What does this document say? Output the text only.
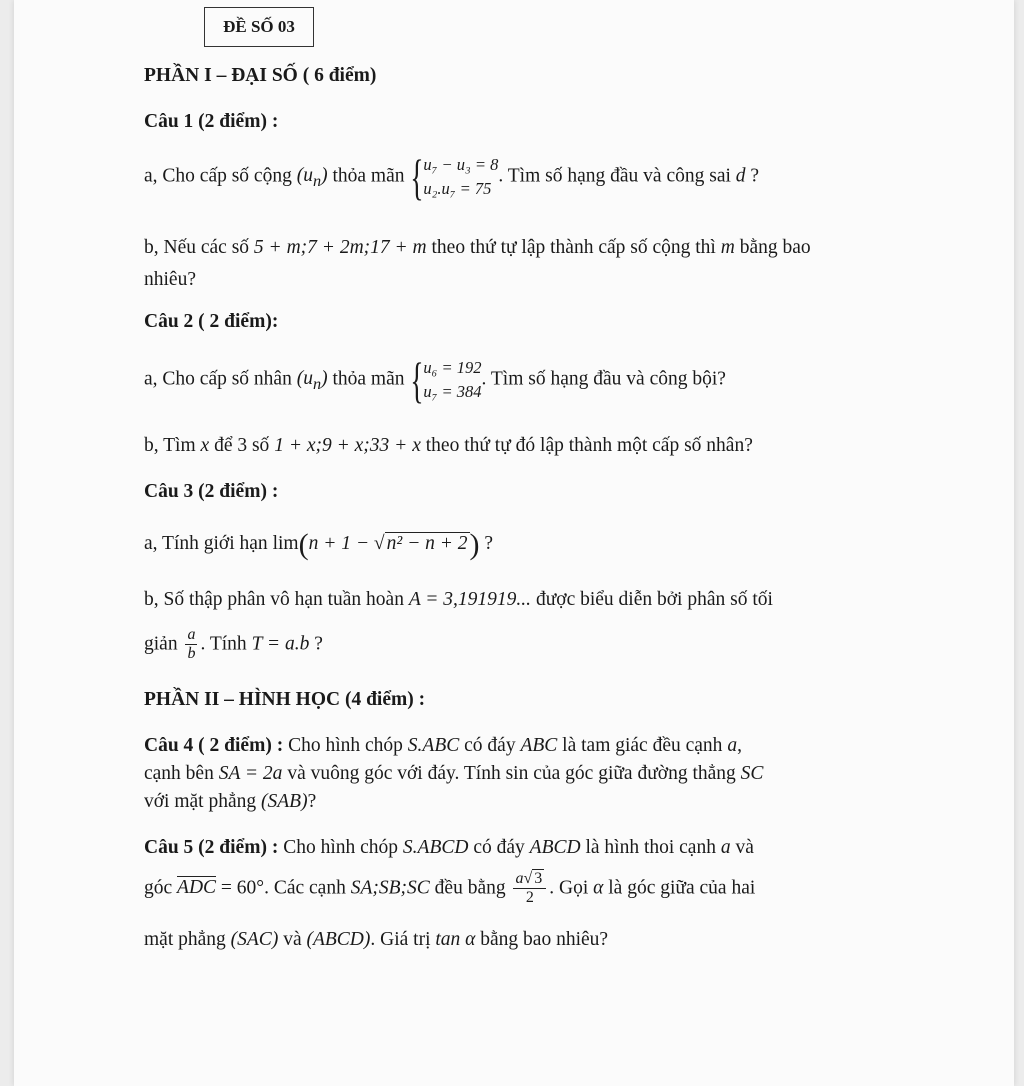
ĐỀ SỐ 03
PHẦN I – ĐẠI SỐ ( 6 điểm)
Câu 1 (2 điểm) :
a, Cho cấp số cộng $(u_n)$ thỏa mãn { u₇ − u₃ = 8
u₂.u₇ = 75
. Tìm số hạng đầu và công sai d ?
b, Nếu các số 5 + m;7 + 2m;17 + m theo thứ tự lập thành cấp số cộng thì m bằng bao
nhiêu?
Câu 2 ( 2 điểm):
a, Cho cấp số nhân $(u_n)$ thỏa mãn { u₆ = 192
u₇ = 384
. Tìm số hạng đầu và công bội?
b, Tìm x để 3 số 1 + x;9 + x;33 + x theo thứ tự đó lập thành một cấp số nhân?
Câu 3 (2 điểm) :
a, Tính giới hạn lim(n + 1 − √ n² − n + 2) ?
b, Số thập phân vô hạn tuần hoàn A = 3,191919... được biểu diễn bởi phân số tối
giản $\frac{a}{b}$ . Tính T = a.b ?
PHẦN II – HÌNH HỌC (4 điểm) :
Câu 4 ( 2 điểm) : Cho hình chóp S.ABC có đáy ABC là tam giác đều cạnh a,
cạnh bên SA = 2a và vuông góc với đáy. Tính sin của góc giữa đường thẳng SC
với mặt phẳng (SAB)?
Câu 5 (2 điểm) : Cho hình chóp S.ABCD có đáy ABCD là hình thoi cạnh a và
góc ADC = 60°. Các cạnh SA;SB;SC đều bằng $\frac{a√ 3}{2}$ . Gọi α là góc giữa của hai
mặt phẳng (SAC) và (ABCD). Giá trị tan α bằng bao nhiêu?
